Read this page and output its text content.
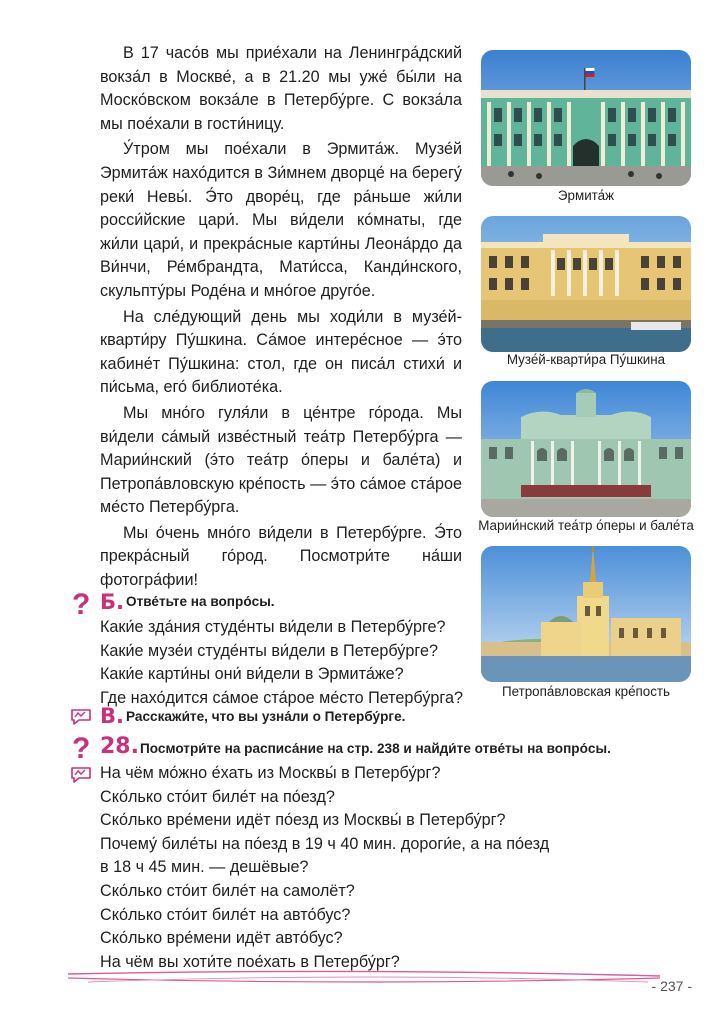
В 17 часо́в мы прие́хали на Ленингра́дский вокза́л в Москве́, а в 21.20 мы уже́ бы́ли на Моско́вском вокза́ле в Петербу́рге. С вокза́ла мы пое́хали в гости́ницу.

У́тром мы пое́хали в Эрмита́ж. Музе́й Эрмита́ж нахо́дится в Зи́мнем дворце́ на берегу́ реки́ Невы́. Э́то дворе́ц, где ра́ньше жи́ли росси́йские цари́. Мы ви́дели ко́мнаты, где жи́ли цари́, и прекра́сные карти́ны Леона́рдо да Ви́нчи, Ре́мбрандта, Мати́сса, Канди́нского, скульпту́ры Роде́на и мно́гое друго́е.

На сле́дующий день мы ходи́ли в музе́й-кварти́ру Пу́шкина. Са́мое интере́сное — э́то кабине́т Пу́шкина: стол, где он писа́л стихи́ и пи́сьма, его́ библиоте́ка.

Мы мно́го гуля́ли в це́нтре го́рода. Мы ви́дели са́мый изве́стный теа́тр Петербу́рга — Марии́нский (э́то теа́тр о́перы и бале́та) и Петропа́вловскую кре́пость — э́то са́мое ста́рое ме́сто Петербу́рга.

Мы о́чень мно́го ви́дели в Петербу́рге. Э́то прекра́сный го́род. Посмотри́те на́ши фотогра́фии!

Эрмита́ж
Музе́й-кварти́ра Пу́шкина
Марии́нский теа́тр о́перы и бале́та
Петропа́вловская кре́пость
? Б. Отве́тьте на вопро́сы.
Каки́е зда́ния студе́нты ви́дели в Петербу́рге?
Каки́е музе́и студе́нты ви́дели в Петербу́рге?
Каки́е карти́ны они́ ви́дели в Эрмита́же?
Где нахо́дится са́мое ста́рое ме́сто Петербу́рга?
В. Расскажи́те, что вы узна́ли о Петербу́рге.
? 28. Посмотри́те на расписа́ние на стр. 238 и найди́те отве́ты на вопро́сы.
На чём мо́жно е́хать из Москвы́ в Петербу́рг?
Ско́лько сто́ит биле́т на по́езд?
Ско́лько вре́мени идёт по́езд из Москвы́ в Петербу́рг?
Почему́ биле́ты на по́езд в 19 ч 40 мин. дороги́е, а на по́езд
в 18 ч 45 мин. — дешёвые?
Ско́лько сто́ит биле́т на самолёт?
Ско́лько сто́ит биле́т на авто́бус?
Ско́лько вре́мени идёт авто́бус?
На чём вы хоти́те пое́хать в Петербу́рг?
- 237 -
